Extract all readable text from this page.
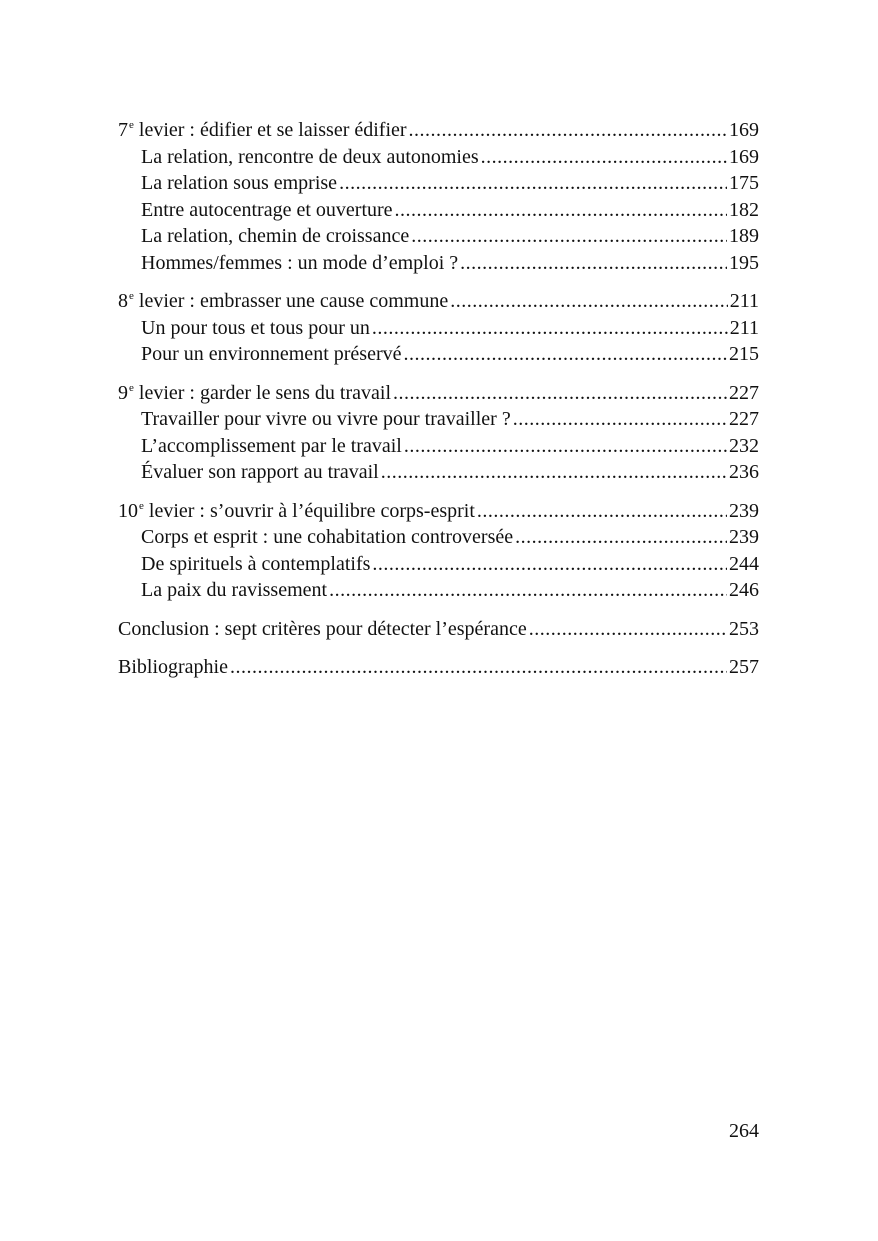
7e levier : édifier et se laisser édifier .....	169
La relation, rencontre de deux autonomies .....	169
La relation sous emprise .....	175
Entre autocentrage et ouverture .....	182
La relation, chemin de croissance .....	189
Hommes/femmes : un mode d’emploi ? .....	195
8e levier : embrasser une cause commune .....	211
Un pour tous et tous pour un .....	211
Pour un environnement préservé .....	215
9e levier : garder le sens du travail .....	227
Travailler pour vivre ou vivre pour travailler ? .....	227
L’accomplissement par le travail .....	232
Évaluer son rapport au travail .....	236
10e levier : s’ouvrir à l’équilibre corps-esprit .....	239
Corps et esprit : une cohabitation controversée .....	239
De spirituels à contemplatifs .....	244
La paix du ravissement .....	246
Conclusion : sept critères pour détecter l’espérance .....	253
Bibliographie .....	257
264
